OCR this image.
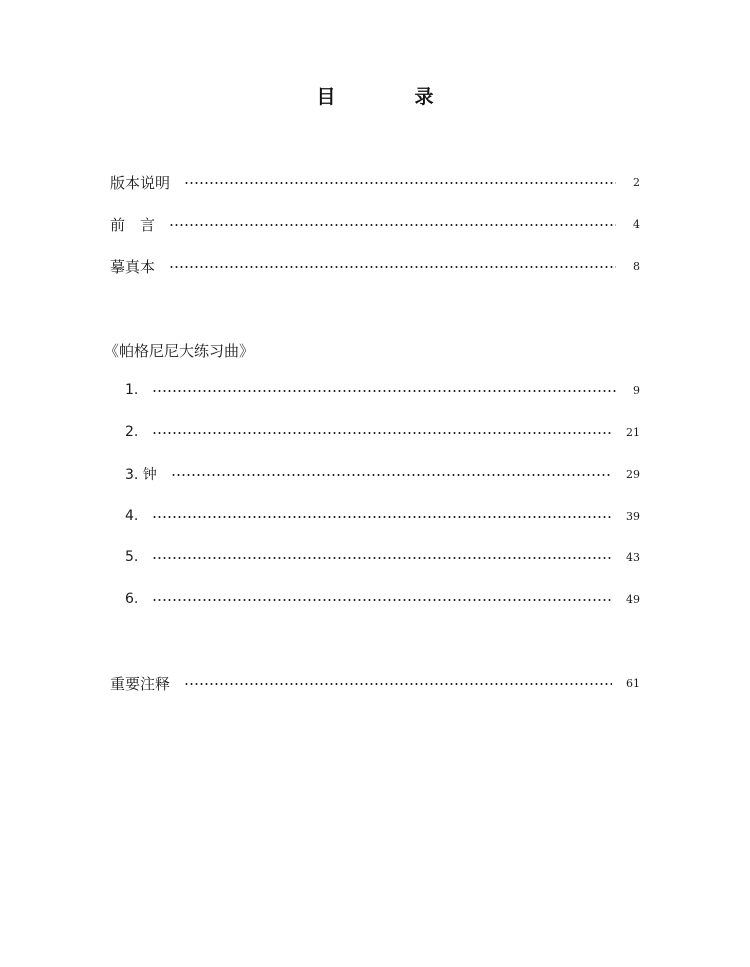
目　录
版本说明	2
前　言	4
摹真本	8
《帕格尼尼大练习曲》
1.	9
2.	21
3. 钟	29
4.	39
5.	43
6.	49
重要注释	61
